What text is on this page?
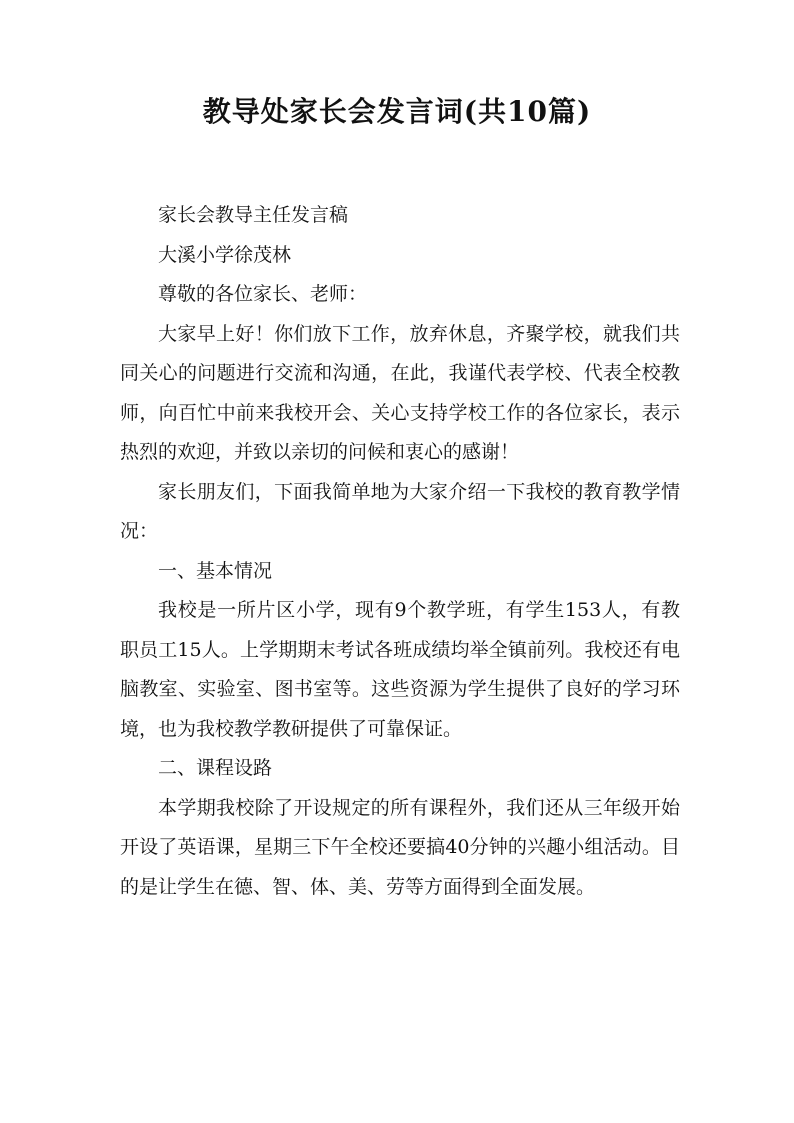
教导处家长会发言词(共10篇)

家长会教导主任发言稿

大溪小学徐茂林

尊敬的各位家长、老师：

大家早上好！你们放下工作，放弃休息，齐聚学校，就我们共同关心的问题进行交流和沟通，在此，我谨代表学校、代表全校教师，向百忙中前来我校开会、关心支持学校工作的各位家长，表示热烈的欢迎，并致以亲切的问候和衷心的感谢！

家长朋友们，下面我简单地为大家介绍一下我校的教育教学情况：

一、基本情况

我校是一所片区小学，现有9个教学班，有学生153人，有教职员工15人。上学期期末考试各班成绩均举全镇前列。我校还有电脑教室、实验室、图书室等。这些资源为学生提供了良好的学习环境，也为我校教学教研提供了可靠保证。

二、课程设路

本学期我校除了开设规定的所有课程外，我们还从三年级开始开设了英语课，星期三下午全校还要搞40分钟的兴趣小组活动。目的是让学生在德、智、体、美、劳等方面得到全面发展。
